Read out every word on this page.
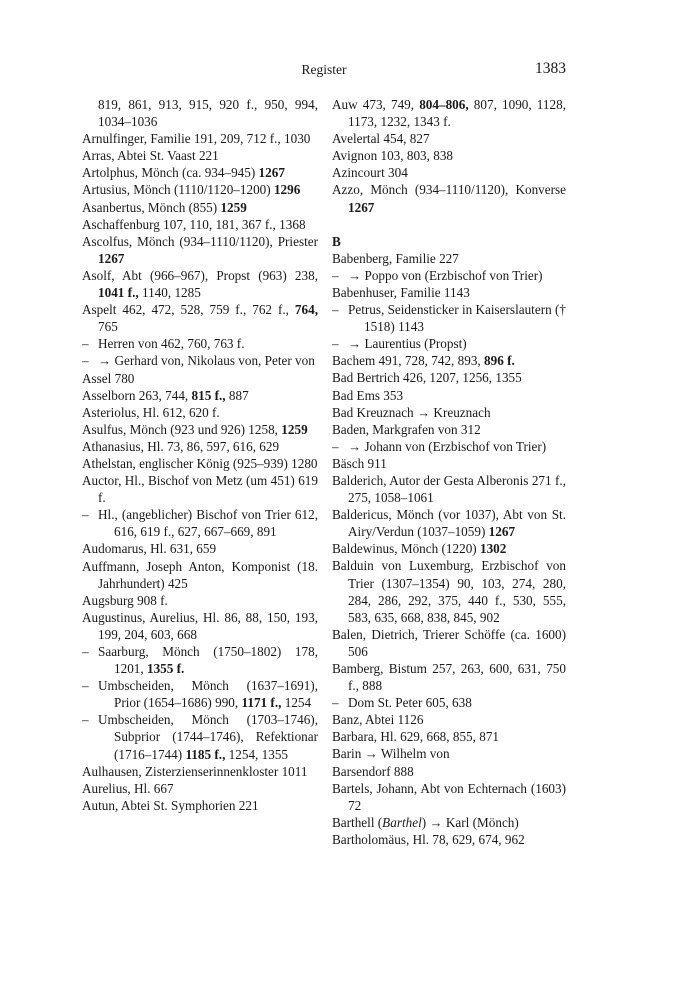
Register	1383

819, 861, 913, 915, 920 f., 950, 994, 1034–1036

Arnulfinger, Familie 191, 209, 712 f., 1030

Arras, Abtei St. Vaast 221

Artolphus, Mönch (ca. 934–945) 1267

Artusius, Mönch (1110/1120–1200) 1296

Asanbertus, Mönch (855) 1259

Aschaffenburg 107, 110, 181, 367 f., 1368

Ascolfus, Mönch (934–1110/1120), Priester 1267

Asolf, Abt (966–967), Propst (963) 238, 1041 f., 1140, 1285

Aspelt 462, 472, 528, 759 f., 762 f., 764, 765

– Herren von 462, 760, 763 f.

– → Gerhard von, Nikolaus von, Peter von

Assel 780

Asselborn 263, 744, 815 f., 887

Asteriolus, Hl. 612, 620 f.

Asulfus, Mönch (923 und 926) 1258, 1259

Athanasius, Hl. 73, 86, 597, 616, 629

Athelstan, englischer König (925–939) 1280

Auctor, Hl., Bischof von Metz (um 451) 619 f.

– Hl., (angeblicher) Bischof von Trier 612, 616, 619 f., 627, 667–669, 891

Audomarus, Hl. 631, 659

Auffmann, Joseph Anton, Komponist (18. Jahrhundert) 425

Augsburg 908 f.

Augustinus, Aurelius, Hl. 86, 88, 150, 193, 199, 204, 603, 668

– Saarburg, Mönch (1750–1802) 178, 1201, 1355 f.

– Umbscheiden, Mönch (1637–1691), Prior (1654–1686) 990, 1171 f., 1254

– Umbscheiden, Mönch (1703–1746), Subprior (1744–1746), Refektionar (1716–1744) 1185 f., 1254, 1355

Aulhausen, Zisterzienserinnenkloster 1011

Aurelius, Hl. 667

Autun, Abtei St. Symphorien 221

Auw 473, 749, 804–806, 807, 1090, 1128, 1173, 1232, 1343 f.

Avelertal 454, 827

Avignon 103, 803, 838

Azincourt 304

Azzo, Mönch (934–1110/1120), Konverse 1267

B

Babenberg, Familie 227

– → Poppo von (Erzbischof von Trier)

Babenhuser, Familie 1143

– Petrus, Seidensticker in Kaiserslautern († 1518) 1143

– → Laurentius (Propst)

Bachem 491, 728, 742, 893, 896 f.

Bad Bertrich 426, 1207, 1256, 1355

Bad Ems 353

Bad Kreuznach → Kreuznach

Baden, Markgrafen von 312

– → Johann von (Erzbischof von Trier)

Bäsch 911

Balderich, Autor der Gesta Alberonis 271 f., 275, 1058–1061

Baldericus, Mönch (vor 1037), Abt von St. Airy/Verdun (1037–1059) 1267

Baldewinus, Mönch (1220) 1302

Balduin von Luxemburg, Erzbischof von Trier (1307–1354) 90, 103, 274, 280, 284, 286, 292, 375, 440 f., 530, 555, 583, 635, 668, 838, 845, 902

Balen, Dietrich, Trierer Schöffe (ca. 1600) 506

Bamberg, Bistum 257, 263, 600, 631, 750 f., 888

– Dom St. Peter 605, 638

Banz, Abtei 1126

Barbara, Hl. 629, 668, 855, 871

Barin → Wilhelm von

Barsendorf 888

Bartels, Johann, Abt von Echternach (1603) 72

Barthell (Barthel) → Karl (Mönch)

Bartholomäus, Hl. 78, 629, 674, 962
